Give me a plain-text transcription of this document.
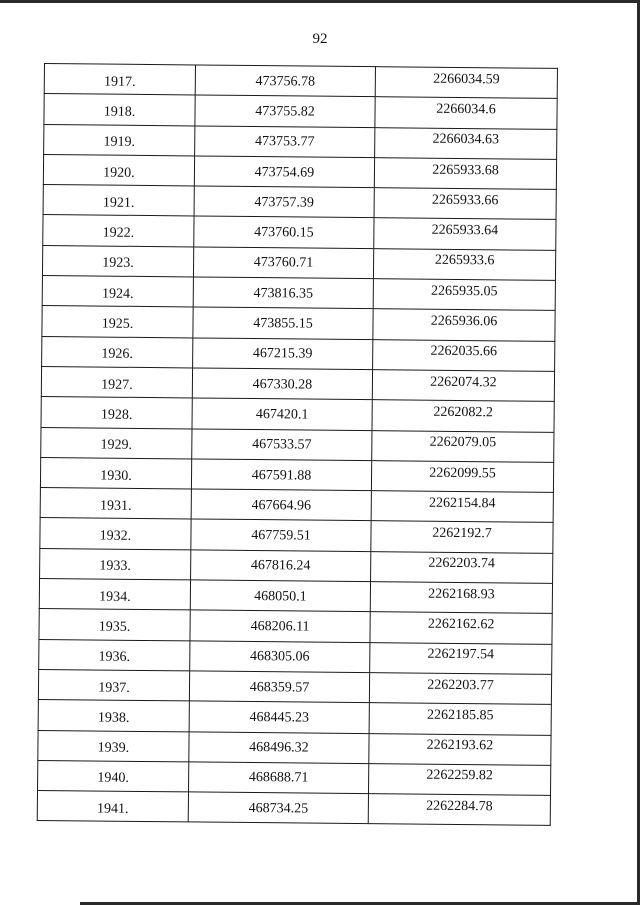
92
1917.	473756.78	2266034.59
1918.	473755.82	2266034.6
1919.	473753.77	2266034.63
1920.	473754.69	2265933.68
1921.	473757.39	2265933.66
1922.	473760.15	2265933.64
1923.	473760.71	2265933.6
1924.	473816.35	2265935.05
1925.	473855.15	2265936.06
1926.	467215.39	2262035.66
1927.	467330.28	2262074.32
1928.	467420.1	2262082.2
1929.	467533.57	2262079.05
1930.	467591.88	2262099.55
1931.	467664.96	2262154.84
1932.	467759.51	2262192.7
1933.	467816.24	2262203.74
1934.	468050.1	2262168.93
1935.	468206.11	2262162.62
1936.	468305.06	2262197.54
1937.	468359.57	2262203.77
1938.	468445.23	2262185.85
1939.	468496.32	2262193.62
1940.	468688.71	2262259.82
1941.	468734.25	2262284.78
